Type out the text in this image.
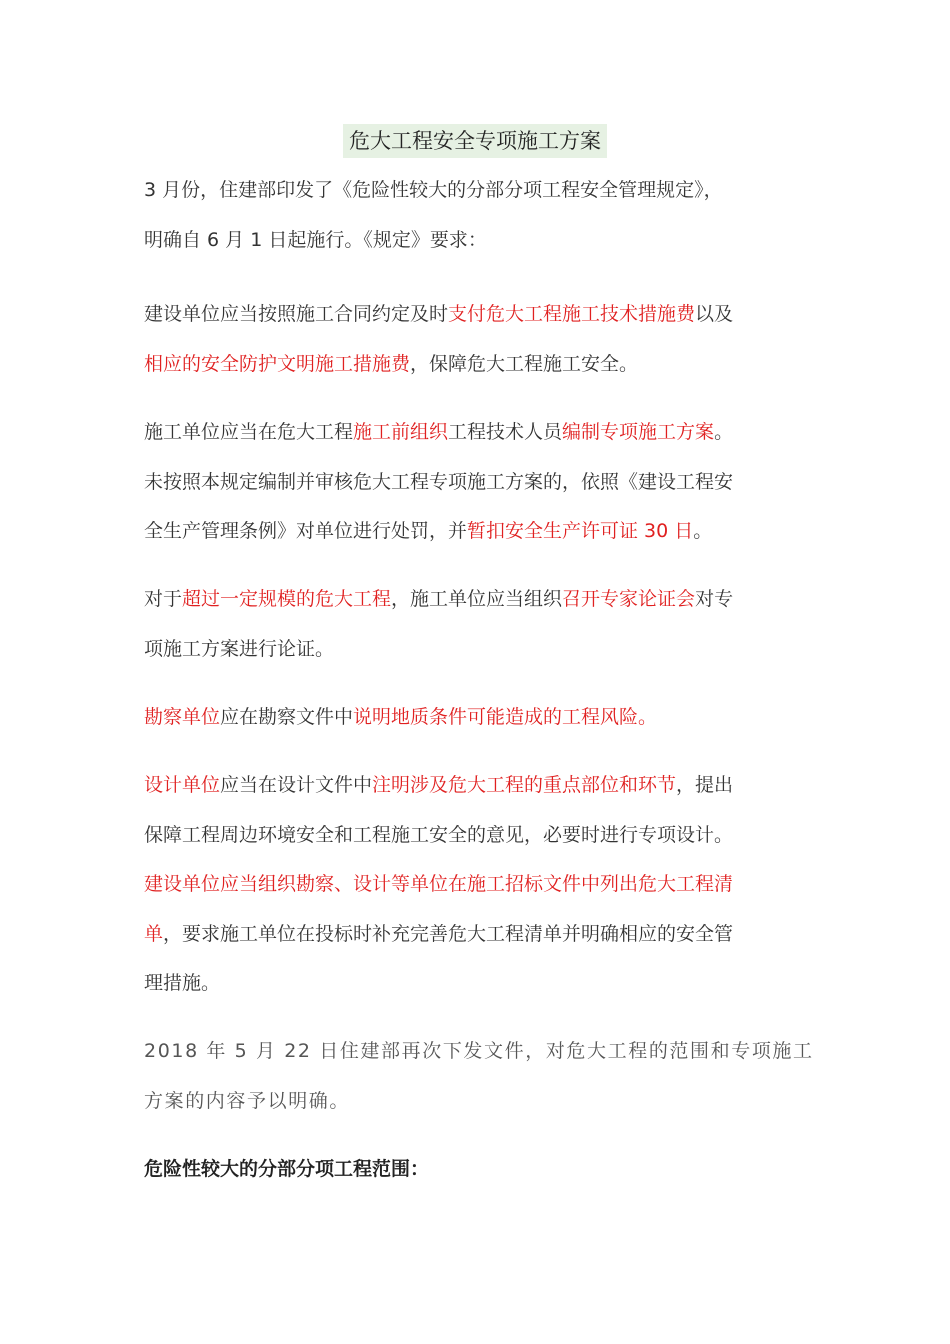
危大工程安全专项施工方案
3 月份，住建部印发了《危险性较大的分部分项工程安全管理规定》，
明确自 6 月 1 日起施行。《规定》要求：
建设单位应当按照施工合同约定及时支付危大工程施工技术措施费以及
相应的安全防护文明施工措施费，保障危大工程施工安全。
施工单位应当在危大工程施工前组织工程技术人员编制专项施工方案。
未按照本规定编制并审核危大工程专项施工方案的，依照《建设工程安
全生产管理条例》对单位进行处罚，并暂扣安全生产许可证 30 日。
对于超过一定规模的危大工程，施工单位应当组织召开专家论证会对专
项施工方案进行论证。
勘察单位应在勘察文件中说明地质条件可能造成的工程风险。
设计单位应当在设计文件中注明涉及危大工程的重点部位和环节，提出
保障工程周边环境安全和工程施工安全的意见，必要时进行专项设计。
建设单位应当组织勘察、设计等单位在施工招标文件中列出危大工程清
单，要求施工单位在投标时补充完善危大工程清单并明确相应的安全管
理措施。
2018 年 5 月 22 日住建部再次下发文件，对危大工程的范围和专项施工
方案的内容予以明确。
危险性较大的分部分项工程范围：
